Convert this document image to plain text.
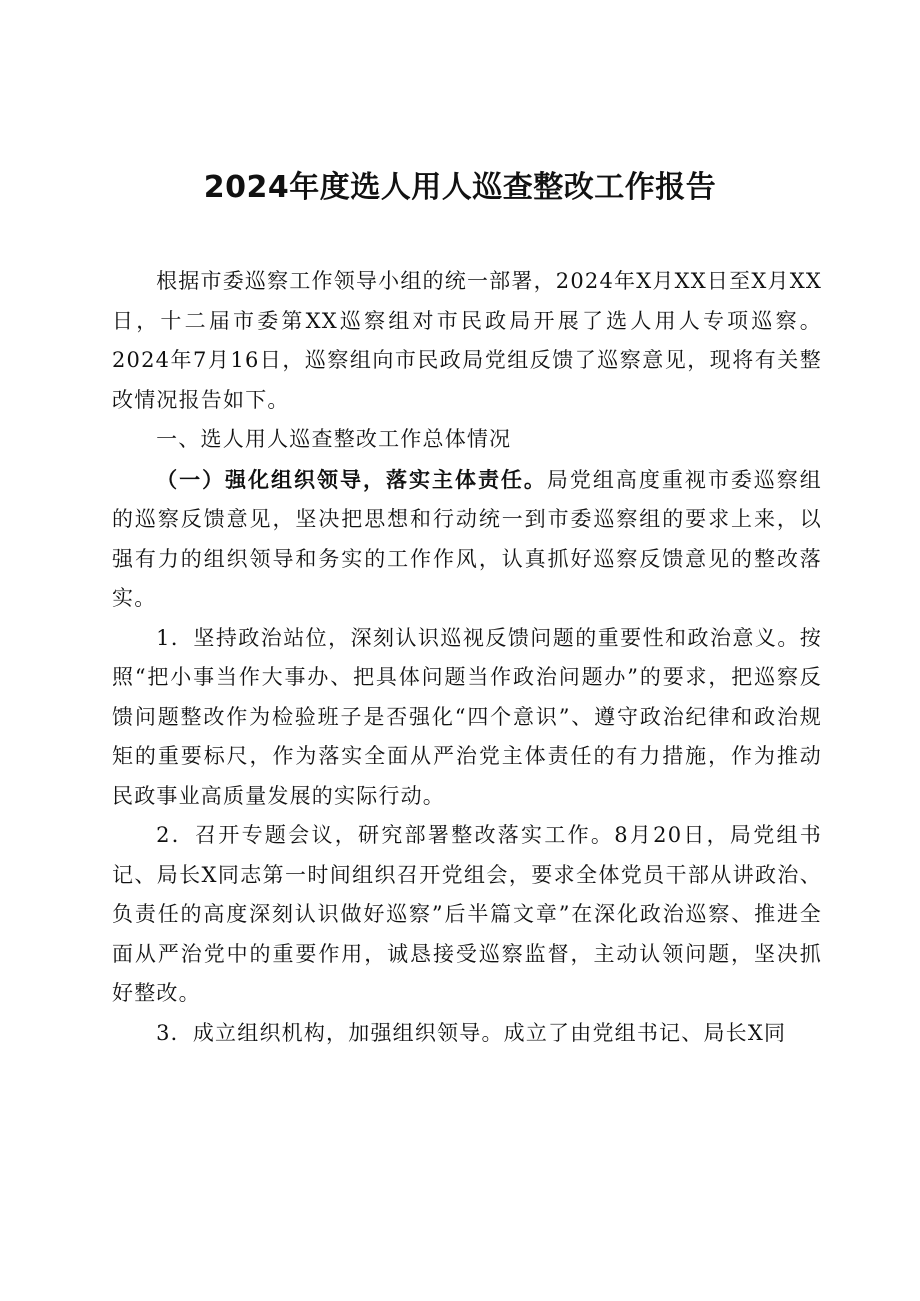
2024年度选人用人巡查整改工作报告

根据市委巡察工作领导小组的统一部署，2024年X月XX日至X月XX日，十二届市委第XX巡察组对市民政局开展了选人用人专项巡察。2024年7月16日，巡察组向市民政局党组反馈了巡察意见，现将有关整改情况报告如下。

一、选人用人巡查整改工作总体情况

（一）强化组织领导，落实主体责任。局党组高度重视市委巡察组的巡察反馈意见，坚决把思想和行动统一到市委巡察组的要求上来，以强有力的组织领导和务实的工作作风，认真抓好巡察反馈意见的整改落实。

1．坚持政治站位，深刻认识巡视反馈问题的重要性和政治意义。按照“把小事当作大事办、把具体问题当作政治问题办”的要求，把巡察反馈问题整改作为检验班子是否强化“四个意识”、遵守政治纪律和政治规矩的重要标尺，作为落实全面从严治党主体责任的有力措施，作为推动民政事业高质量发展的实际行动。

2．召开专题会议，研究部署整改落实工作。8月20日，局党组书记、局长X同志第一时间组织召开党组会，要求全体党员干部从讲政治、负责任的高度深刻认识做好巡察”后半篇文章”在深化政治巡察、推进全面从严治党中的重要作用，诚恳接受巡察监督，主动认领问题，坚决抓好整改。

3．成立组织机构，加强组织领导。成立了由党组书记、局长X同
